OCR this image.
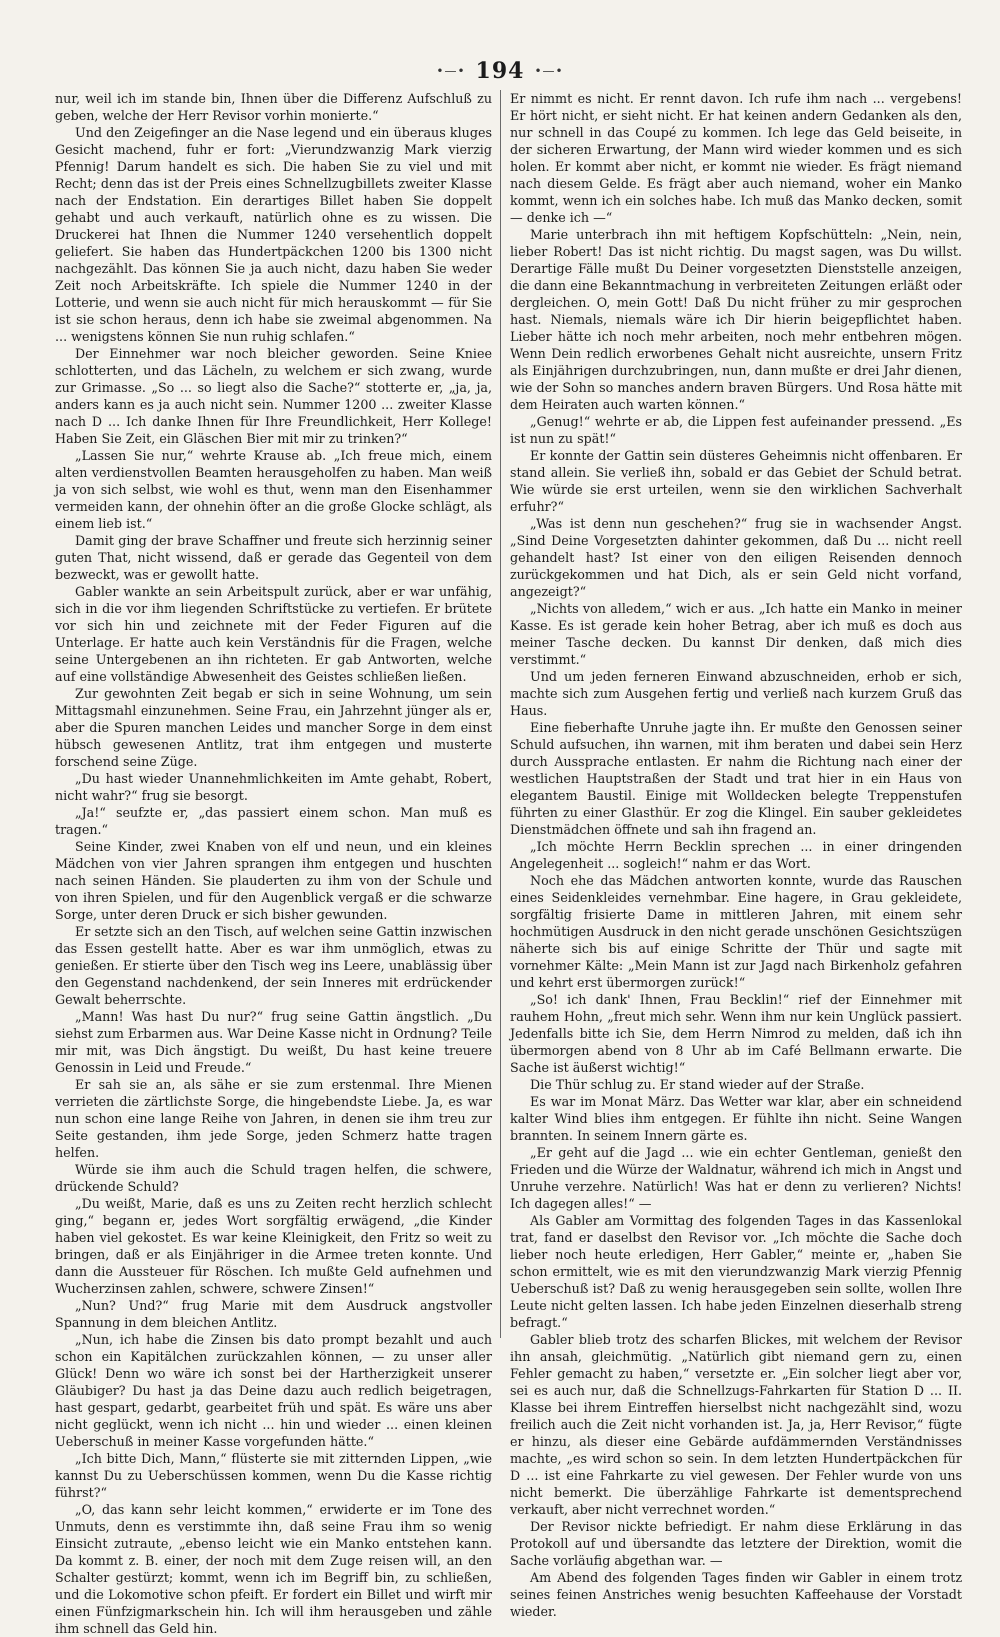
•—• 194 •—•

nur, weil ich im stande bin, Ihnen über die Differenz Aufschluß zu geben, welche der Herr Revisor vorhin monierte.“

Und den Zeigefinger an die Nase legend und ein überaus kluges Gesicht machend, fuhr er fort: „Vierundzwanzig Mark vierzig Pfennig! Darum handelt es sich. Die haben Sie zu viel und mit Recht; denn das ist der Preis eines Schnellzugbillets zweiter Klasse nach der Endstation. Ein derartiges Billet haben Sie doppelt gehabt und auch verkauft, natürlich ohne es zu wissen. Die Druckerei hat Ihnen die Nummer 1240 versehentlich doppelt geliefert. Sie haben das Hundertpäckchen 1200 bis 1300 nicht nachgezählt. Das können Sie ja auch nicht, dazu haben Sie weder Zeit noch Arbeitskräfte. Ich spiele die Nummer 1240 in der Lotterie, und wenn sie auch nicht für mich herauskommt — für Sie ist sie schon heraus, denn ich habe sie zweimal abgenommen. Na ... wenigstens können Sie nun ruhig schlafen.“

Der Einnehmer war noch bleicher geworden. Seine Kniee schlotterten, und das Lächeln, zu welchem er sich zwang, wurde zur Grimasse. „So ... so liegt also die Sache?“ stotterte er, „ja, ja, anders kann es ja auch nicht sein. Nummer 1200 ... zweiter Klasse nach D ... Ich danke Ihnen für Ihre Freundlichkeit, Herr Kollege! Haben Sie Zeit, ein Gläschen Bier mit mir zu trinken?“

„Lassen Sie nur,“ wehrte Krause ab. „Ich freue mich, einem alten verdienstvollen Beamten herausgeholfen zu haben. Man weiß ja von sich selbst, wie wohl es thut, wenn man den Eisenhammer vermeiden kann, der ohnehin öfter an die große Glocke schlägt, als einem lieb ist.“

Damit ging der brave Schaffner und freute sich herzinnig seiner guten That, nicht wissend, daß er gerade das Gegenteil von dem bezweckt, was er gewollt hatte.

Gabler wankte an sein Arbeitspult zurück, aber er war unfähig, sich in die vor ihm liegenden Schriftstücke zu vertiefen. Er brütete vor sich hin und zeichnete mit der Feder Figuren auf die Unterlage. Er hatte auch kein Verständnis für die Fragen, welche seine Untergebenen an ihn richteten. Er gab Antworten, welche auf eine vollständige Abwesenheit des Geistes schließen ließen.

Zur gewohnten Zeit begab er sich in seine Wohnung, um sein Mittagsmahl einzunehmen. Seine Frau, ein Jahrzehnt jünger als er, aber die Spuren manchen Leides und mancher Sorge in dem einst hübsch gewesenen Antlitz, trat ihm entgegen und musterte forschend seine Züge.

„Du hast wieder Unannehmlichkeiten im Amte gehabt, Robert, nicht wahr?“ frug sie besorgt.

„Ja!“ seufzte er, „das passiert einem schon. Man muß es tragen.“

Seine Kinder, zwei Knaben von elf und neun, und ein kleines Mädchen von vier Jahren sprangen ihm entgegen und huschten nach seinen Händen. Sie plauderten zu ihm von der Schule und von ihren Spielen, und für den Augenblick vergaß er die schwarze Sorge, unter deren Druck er sich bisher gewunden.

Er setzte sich an den Tisch, auf welchen seine Gattin inzwischen das Essen gestellt hatte. Aber es war ihm unmöglich, etwas zu genießen. Er stierte über den Tisch weg ins Leere, unablässig über den Gegenstand nachdenkend, der sein Inneres mit erdrückender Gewalt beherrschte.

„Mann! Was hast Du nur?“ frug seine Gattin ängstlich. „Du siehst zum Erbarmen aus. War Deine Kasse nicht in Ordnung? Teile mir mit, was Dich ängstigt. Du weißt, Du hast keine treuere Genossin in Leid und Freude.“

Er sah sie an, als sähe er sie zum erstenmal. Ihre Mienen verrieten die zärtlichste Sorge, die hingebendste Liebe. Ja, es war nun schon eine lange Reihe von Jahren, in denen sie ihm treu zur Seite gestanden, ihm jede Sorge, jeden Schmerz hatte tragen helfen.

Würde sie ihm auch die Schuld tragen helfen, die schwere, drückende Schuld?

„Du weißt, Marie, daß es uns zu Zeiten recht herzlich schlecht ging,“ begann er, jedes Wort sorgfältig erwägend, „die Kinder haben viel gekostet. Es war keine Kleinigkeit, den Fritz so weit zu bringen, daß er als Einjähriger in die Armee treten konnte. Und dann die Aussteuer für Röschen. Ich mußte Geld aufnehmen und Wucherzinsen zahlen, schwere, schwere Zinsen!“

„Nun? Und?“ frug Marie mit dem Ausdruck angstvoller Spannung in dem bleichen Antlitz.

„Nun, ich habe die Zinsen bis dato prompt bezahlt und auch schon ein Kapitälchen zurückzahlen können, — zu unser aller Glück! Denn wo wäre ich sonst bei der Hartherzigkeit unserer Gläubiger? Du hast ja das Deine dazu auch redlich beigetragen, hast gespart, gedarbt, gearbeitet früh und spät. Es wäre uns aber nicht geglückt, wenn ich nicht ... hin und wieder ... einen kleinen Ueberschuß in meiner Kasse vorgefunden hätte.“

„Ich bitte Dich, Mann,“ flüsterte sie mit zitternden Lippen, „wie kannst Du zu Ueberschüssen kommen, wenn Du die Kasse richtig führst?“

„O, das kann sehr leicht kommen,“ erwiderte er im Tone des Unmuts, denn es verstimmte ihn, daß seine Frau ihm so wenig Einsicht zutraute, „ebenso leicht wie ein Manko entstehen kann. Da kommt z. B. einer, der noch mit dem Zuge reisen will, an den Schalter gestürzt; kommt, wenn ich im Begriff bin, zu schließen, und die Lokomotive schon pfeift. Er fordert ein Billet und wirft mir einen Fünfzigmarkschein hin. Ich will ihm herausgeben und zähle ihm schnell das Geld hin.

Er nimmt es nicht. Er rennt davon. Ich rufe ihm nach ... vergebens! Er hört nicht, er sieht nicht. Er hat keinen andern Gedanken als den, nur schnell in das Coupé zu kommen. Ich lege das Geld beiseite, in der sicheren Erwartung, der Mann wird wieder kommen und es sich holen. Er kommt aber nicht, er kommt nie wieder. Es frägt niemand nach diesem Gelde. Es frägt aber auch niemand, woher ein Manko kommt, wenn ich ein solches habe. Ich muß das Manko decken, somit — denke ich —“

Marie unterbrach ihn mit heftigem Kopfschütteln: „Nein, nein, lieber Robert! Das ist nicht richtig. Du magst sagen, was Du willst. Derartige Fälle mußt Du Deiner vorgesetzten Dienststelle anzeigen, die dann eine Bekanntmachung in verbreiteten Zeitungen erläßt oder dergleichen. O, mein Gott! Daß Du nicht früher zu mir gesprochen hast. Niemals, niemals wäre ich Dir hierin beigepflichtet haben. Lieber hätte ich noch mehr arbeiten, noch mehr entbehren mögen. Wenn Dein redlich erworbenes Gehalt nicht ausreichte, unsern Fritz als Einjährigen durchzubringen, nun, dann mußte er drei Jahr dienen, wie der Sohn so manches andern braven Bürgers. Und Rosa hätte mit dem Heiraten auch warten können.“

„Genug!“ wehrte er ab, die Lippen fest aufeinander pressend. „Es ist nun zu spät!“

Er konnte der Gattin sein düsteres Geheimnis nicht offenbaren. Er stand allein. Sie verließ ihn, sobald er das Gebiet der Schuld betrat. Wie würde sie erst urteilen, wenn sie den wirklichen Sachverhalt erfuhr?“

„Was ist denn nun geschehen?“ frug sie in wachsender Angst. „Sind Deine Vorgesetzten dahinter gekommen, daß Du ... nicht reell gehandelt hast? Ist einer von den eiligen Reisenden dennoch zurückgekommen und hat Dich, als er sein Geld nicht vorfand, angezeigt?“

„Nichts von alledem,“ wich er aus. „Ich hatte ein Manko in meiner Kasse. Es ist gerade kein hoher Betrag, aber ich muß es doch aus meiner Tasche decken. Du kannst Dir denken, daß mich dies verstimmt.“

Und um jeden ferneren Einwand abzuschneiden, erhob er sich, machte sich zum Ausgehen fertig und verließ nach kurzem Gruß das Haus.

Eine fieberhafte Unruhe jagte ihn. Er mußte den Genossen seiner Schuld aufsuchen, ihn warnen, mit ihm beraten und dabei sein Herz durch Aussprache entlasten. Er nahm die Richtung nach einer der westlichen Hauptstraßen der Stadt und trat hier in ein Haus von elegantem Baustil. Einige mit Wolldecken belegte Treppenstufen führten zu einer Glasthür. Er zog die Klingel. Ein sauber gekleidetes Dienstmädchen öffnete und sah ihn fragend an.

„Ich möchte Herrn Becklin sprechen ... in einer dringenden Angelegenheit ... sogleich!“ nahm er das Wort.

Noch ehe das Mädchen antworten konnte, wurde das Rauschen eines Seidenkleides vernehmbar. Eine hagere, in Grau gekleidete, sorgfältig frisierte Dame in mittleren Jahren, mit einem sehr hochmütigen Ausdruck in den nicht gerade unschönen Gesichtszügen näherte sich bis auf einige Schritte der Thür und sagte mit vornehmer Kälte: „Mein Mann ist zur Jagd nach Birkenholz gefahren und kehrt erst übermorgen zurück!“

„So! ich dank' Ihnen, Frau Becklin!“ rief der Einnehmer mit rauhem Hohn, „freut mich sehr. Wenn ihm nur kein Unglück passiert. Jedenfalls bitte ich Sie, dem Herrn Nimrod zu melden, daß ich ihn übermorgen abend von 8 Uhr ab im Café Bellmann erwarte. Die Sache ist äußerst wichtig!“

Die Thür schlug zu. Er stand wieder auf der Straße.

Es war im Monat März. Das Wetter war klar, aber ein schneidend kalter Wind blies ihm entgegen. Er fühlte ihn nicht. Seine Wangen brannten. In seinem Innern gärte es.

„Er geht auf die Jagd ... wie ein echter Gentleman, genießt den Frieden und die Würze der Waldnatur, während ich mich in Angst und Unruhe verzehre. Natürlich! Was hat er denn zu verlieren? Nichts! Ich dagegen alles!“ —

Als Gabler am Vormittag des folgenden Tages in das Kassenlokal trat, fand er daselbst den Revisor vor. „Ich möchte die Sache doch lieber noch heute erledigen, Herr Gabler,“ meinte er, „haben Sie schon ermittelt, wie es mit den vierundzwanzig Mark vierzig Pfennig Ueberschuß ist? Daß zu wenig herausgegeben sein sollte, wollen Ihre Leute nicht gelten lassen. Ich habe jeden Einzelnen dieserhalb streng befragt.“

Gabler blieb trotz des scharfen Blickes, mit welchem der Revisor ihn ansah, gleichmütig. „Natürlich gibt niemand gern zu, einen Fehler gemacht zu haben,“ versetzte er. „Ein solcher liegt aber vor, sei es auch nur, daß die Schnellzugs-Fahrkarten für Station D ... II. Klasse bei ihrem Eintreffen hierselbst nicht nachgezählt sind, wozu freilich auch die Zeit nicht vorhanden ist. Ja, ja, Herr Revisor,“ fügte er hinzu, als dieser eine Gebärde aufdämmernden Verständnisses machte, „es wird schon so sein. In dem letzten Hundertpäckchen für D ... ist eine Fahrkarte zu viel gewesen. Der Fehler wurde von uns nicht bemerkt. Die überzählige Fahrkarte ist dementsprechend verkauft, aber nicht verrechnet worden.“

Der Revisor nickte befriedigt. Er nahm diese Erklärung in das Protokoll auf und übersandte das letztere der Direktion, womit die Sache vorläufig abgethan war. —

Am Abend des folgenden Tages finden wir Gabler in einem trotz seines feinen Anstriches wenig besuchten Kaffeehause der Vorstadt wieder.
